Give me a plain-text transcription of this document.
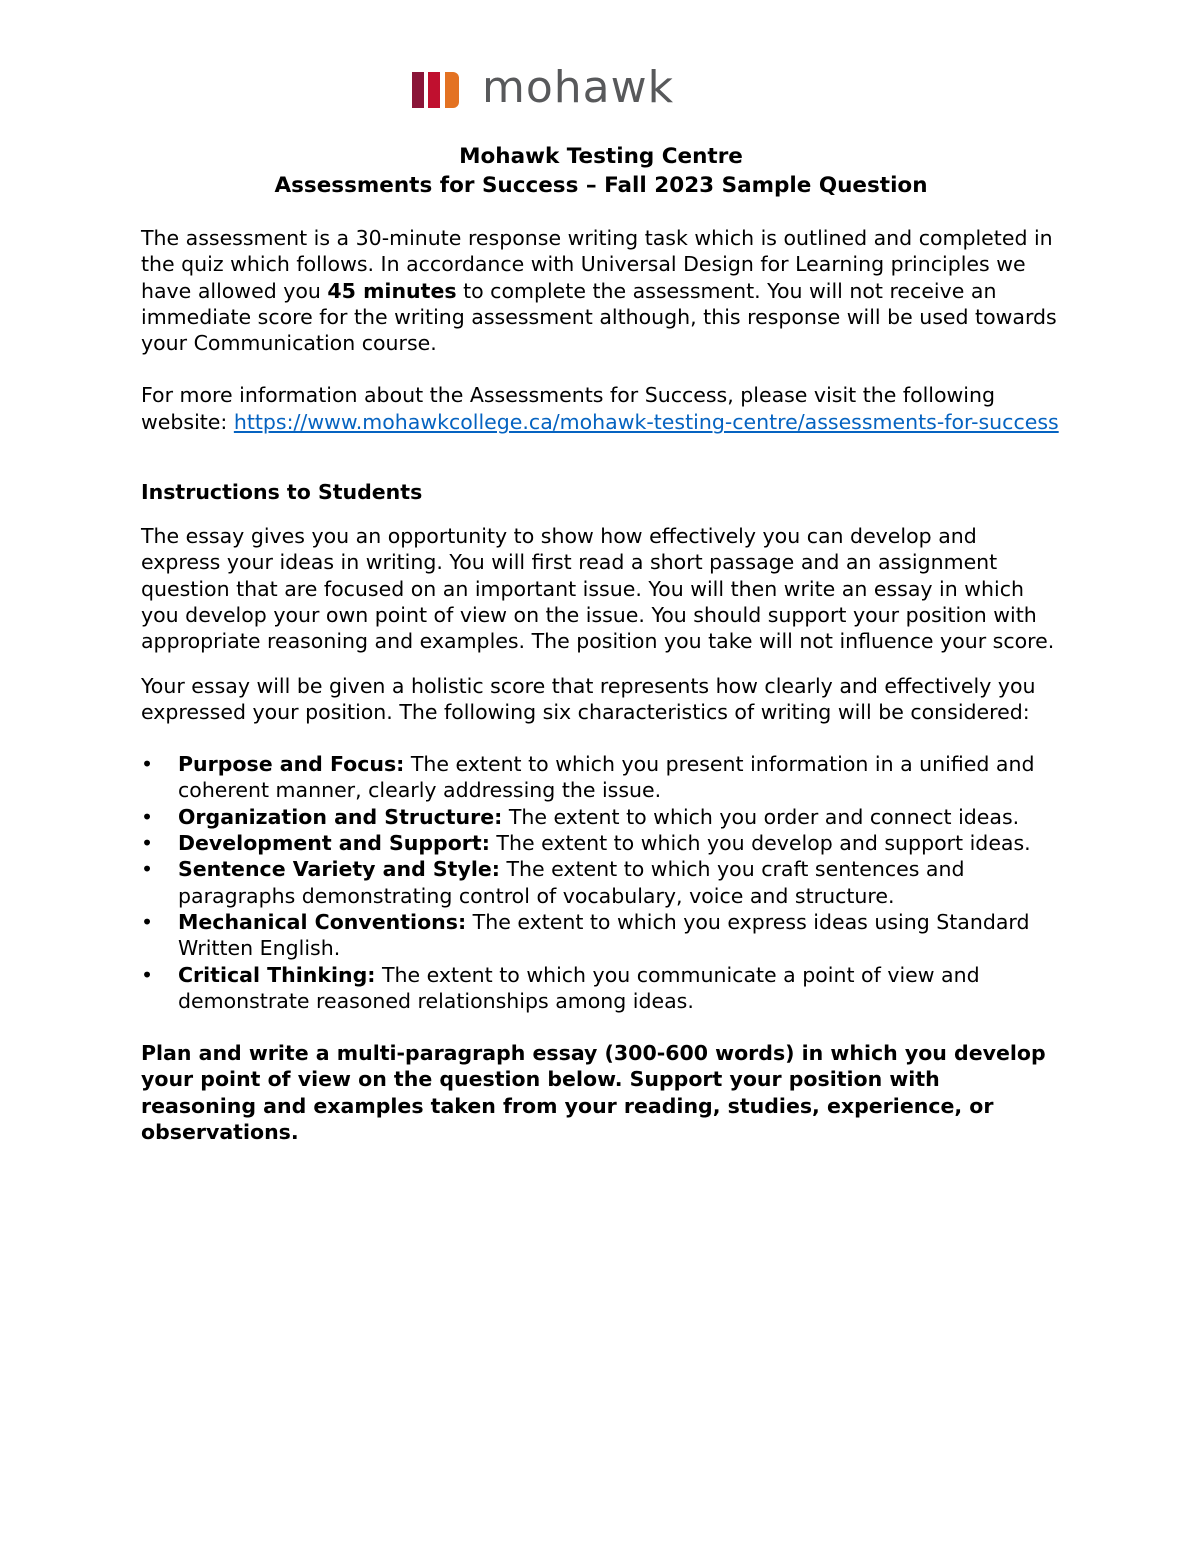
mohawk
Mohawk Testing Centre
Assessments for Success – Fall 2023 Sample Question

The assessment is a 30-minute response writing task which is outlined and completed in the quiz which follows. In accordance with Universal Design for Learning principles we have allowed you 45 minutes to complete the assessment. You will not receive an immediate score for the writing assessment although, this response will be used towards your Communication course.

For more information about the Assessments for Success, please visit the following website: https://www.mohawkcollege.ca/mohawk-testing-centre/assessments-for-success

Instructions to Students

The essay gives you an opportunity to show how effectively you can develop and express your ideas in writing. You will first read a short passage and an assignment question that are focused on an important issue. You will then write an essay in which you develop your own point of view on the issue. You should support your position with appropriate reasoning and examples. The position you take will not influence your score.

Your essay will be given a holistic score that represents how clearly and effectively you expressed your position. The following six characteristics of writing will be considered:

•	Purpose and Focus: The extent to which you present information in a unified and coherent manner, clearly addressing the issue.
•	Organization and Structure: The extent to which you order and connect ideas.
•	Development and Support: The extent to which you develop and support ideas.
•	Sentence Variety and Style: The extent to which you craft sentences and paragraphs demonstrating control of vocabulary, voice and structure.
•	Mechanical Conventions: The extent to which you express ideas using Standard Written English.
•	Critical Thinking: The extent to which you communicate a point of view and demonstrate reasoned relationships among ideas.

Plan and write a multi-paragraph essay (300-600 words) in which you develop your point of view on the question below. Support your position with reasoning and examples taken from your reading, studies, experience, or observations.
